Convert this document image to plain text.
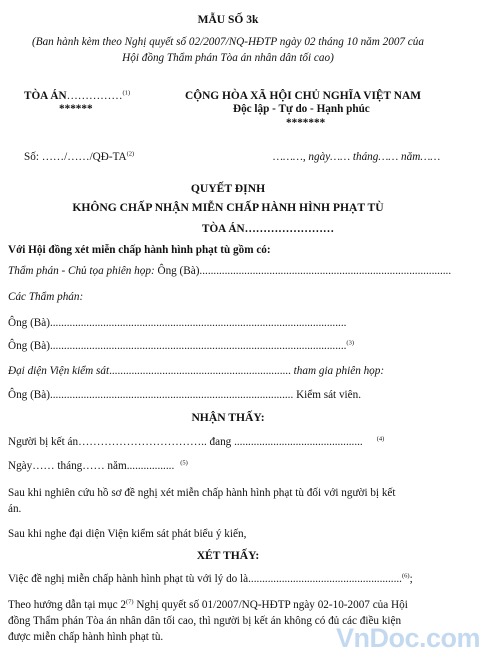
MẪU SỐ 3k
(Ban hành kèm theo Nghị quyết số 02/2007/NQ-HĐTP ngày 02 tháng 10 năm 2007 của
Hội đồng Thẩm phán Tòa án nhân dân tối cao)
TÒA ÁN……………$^{(1)}$
******
CỘNG HÒA XÃ HỘI CHỦ NGHĨA VIỆT NAM
Độc lập - Tự do - Hạnh phúc
*******
Số: ……/……/QĐ-TA$^{(2)}$	………, ngày…… tháng…… năm……
QUYẾT ĐỊNH
KHÔNG CHẤP NHẬN MIỄN CHẤP HÀNH HÌNH PHẠT TÙ
TÒA ÁN……………………
Với Hội đồng xét miễn chấp hành hình phạt tù gồm có:
Thẩm phán - Chủ tọa phiên họp: Ông (Bà)..........................................................................................
Các Thẩm phán:
Ông (Bà)..........................................................................................................
Ông (Bà)..........................................................................................................$^{(3)}$
Đại diện Viện kiểm sát................................................................. tham gia phiên họp:
Ông (Bà)....................................................................................... Kiểm sát viên.
NHẬN THẤY:
Người bị kết án…………………………….. đang .............................................. $^{(4)}$
Ngày…… tháng…… năm................. $^{(5)}$
Sau khi nghiên cứu hồ sơ đề nghị xét miễn chấp hành hình phạt tù đối với người bị kết
án.
Sau khi nghe đại diện Viện kiểm sát phát biểu ý kiến,
XÉT THẤY:
Việc đề nghị miễn chấp hành hình phạt tù với lý do là.......................................................$^{(6)}$;
Theo hướng dẫn tại mục 2$^{(7)}$ Nghị quyết số 01/2007/NQ-HĐTP ngày 02-10-2007 của Hội
đồng Thẩm phán Tòa án nhân dân tối cao, thì người bị kết án không có đủ các điều kiện
được miễn chấp hành hình phạt tù.	VnDoc.com
